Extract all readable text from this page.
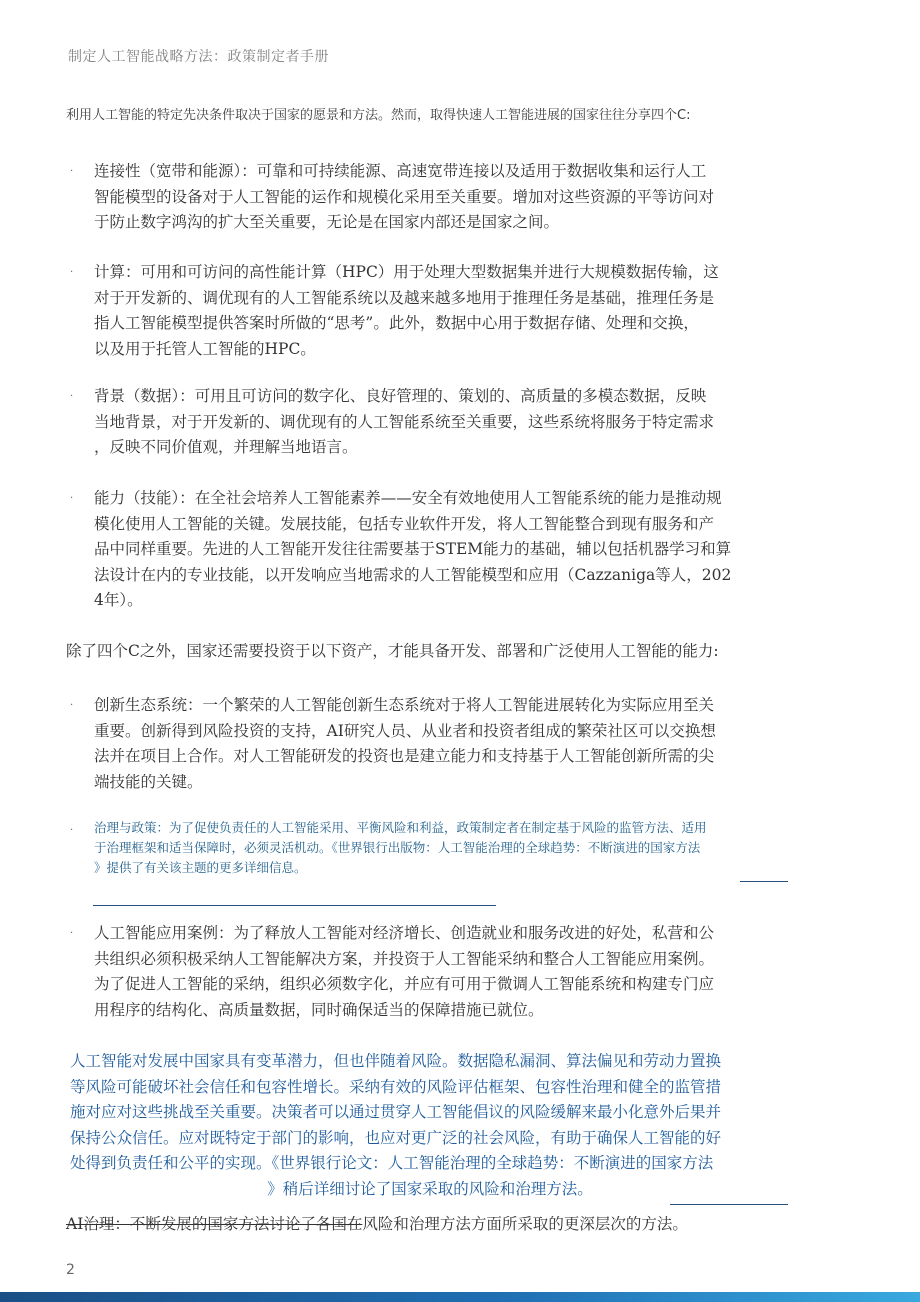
制定人工智能战略方法：政策制定者手册
利用人工智能的特定先决条件取决于国家的愿景和方法。然而，取得快速人工智能进展的国家往往分享四个C:
· 连接性（宽带和能源）：可靠和可持续能源、高速宽带连接以及适用于数据收集和运行人工
智能模型的设备对于人工智能的运作和规模化采用至关重要。增加对这些资源的平等访问对
于防止数字鸿沟的扩大至关重要，无论是在国家内部还是国家之间。
· 计算：可用和可访问的高性能计算（HPC）用于处理大型数据集并进行大规模数据传输，这
对于开发新的、调优现有的人工智能系统以及越来越多地用于推理任务是基础，推理任务是
指人工智能模型提供答案时所做的“思考”。此外，数据中心用于数据存储、处理和交换，
以及用于托管人工智能的HPC。
· 背景（数据）：可用且可访问的数字化、良好管理的、策划的、高质量的多模态数据，反映
当地背景，对于开发新的、调优现有的人工智能系统至关重要，这些系统将服务于特定需求
，反映不同价值观，并理解当地语言。
· 能力（技能）：在全社会培养人工智能素养——安全有效地使用人工智能系统的能力是推动规
模化使用人工智能的关键。发展技能，包括专业软件开发，将人工智能整合到现有服务和产
品中同样重要。先进的人工智能开发往往需要基于STEM能力的基础，辅以包括机器学习和算
法设计在内的专业技能，以开发响应当地需求的人工智能模型和应用（Cazzaniga等人，202
4年）。
除了四个C之外，国家还需要投资于以下资产，才能具备开发、部署和广泛使用人工智能的能力:
· 创新生态系统：一个繁荣的人工智能创新生态系统对于将人工智能进展转化为实际应用至关
重要。创新得到风险投资的支持，AI研究人员、从业者和投资者组成的繁荣社区可以交换想
法并在项目上合作。对人工智能研发的投资也是建立能力和支持基于人工智能创新所需的尖
端技能的关键。
· 治理与政策：为了促使负责任的人工智能采用、平衡风险和利益，政策制定者在制定基于风险的监管方法、适用
于治理框架和适当保障时，必须灵活机动。《世界银行出版物：人工智能治理的全球趋势：不断演进的国家方法
》提供了有关该主题的更多详细信息。
· 人工智能应用案例：为了释放人工智能对经济增长、创造就业和服务改进的好处，私营和公
共组织必须积极采纳人工智能解决方案，并投资于人工智能采纳和整合人工智能应用案例。
为了促进人工智能的采纳，组织必须数字化，并应有可用于微调人工智能系统和构建专门应
用程序的结构化、高质量数据，同时确保适当的保障措施已就位。
人工智能对发展中国家具有变革潜力，但也伴随着风险。数据隐私漏洞、算法偏见和劳动力置换
等风险可能破坏社会信任和包容性增长。采纳有效的风险评估框架、包容性治理和健全的监管措
施对应对这些挑战至关重要。决策者可以通过贯穿人工智能倡议的风险缓解来最小化意外后果并
保持公众信任。应对既特定于部门的影响，也应对更广泛的社会风险，有助于确保人工智能的好
处得到负责任和公平的实现。《世界银行论文：人工智能治理的全球趋势：不断演进的国家方法
》稍后详细讨论了国家采取的风险和治理方法。
AI治理：不断发展的国家方法讨论了各国在风险和治理方法方面所采取的更深层次的方法。
2
